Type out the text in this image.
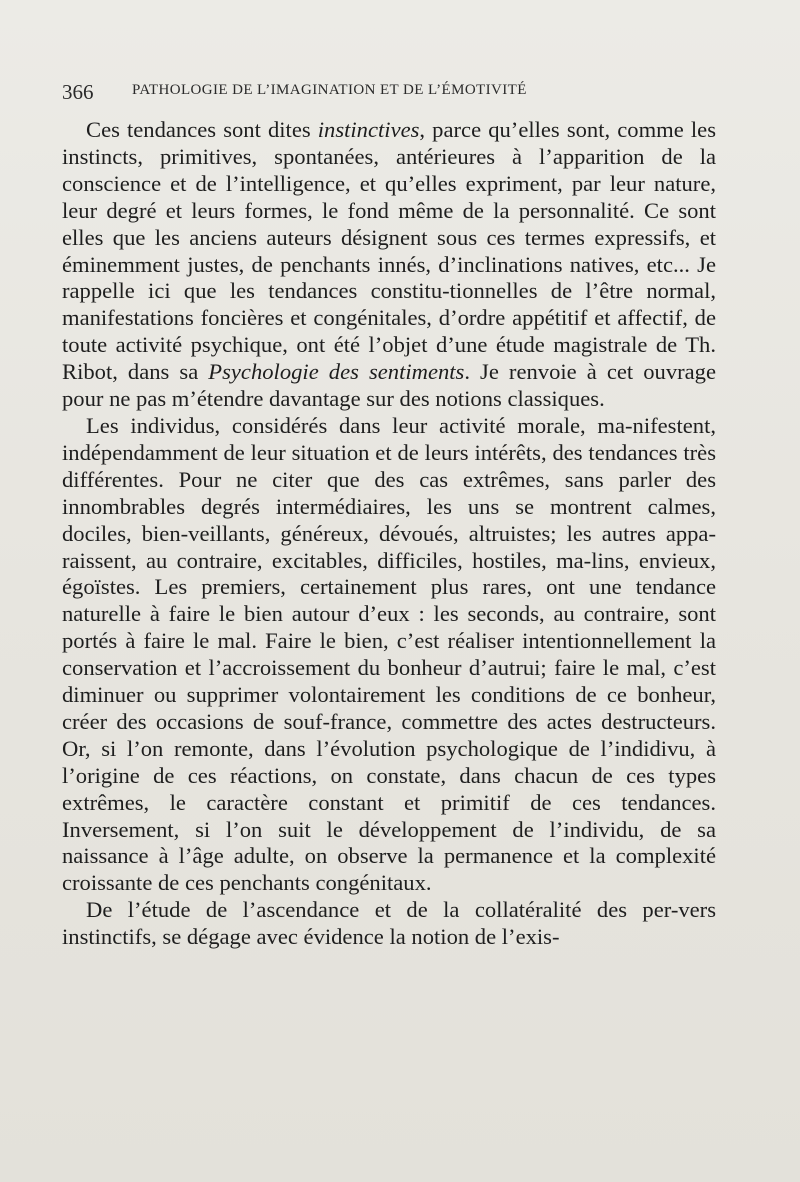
366	PATHOLOGIE DE L’IMAGINATION ET DE L’ÉMOTIVITÉ

Ces tendances sont dites instinctives, parce qu’elles sont, comme les instincts, primitives, spontanées, antérieures à l’apparition de la conscience et de l’intelligence, et qu’elles expriment, par leur nature, leur degré et leurs formes, le fond même de la personnalité. Ce sont elles que les anciens auteurs désignent sous ces termes expressifs, et éminemment justes, de penchants innés, d’inclinations natives, etc... Je rappelle ici que les tendances constitu-tionnelles de l’être normal, manifestations foncières et congénitales, d’ordre appétitif et affectif, de toute activité psychique, ont été l’objet d’une étude magistrale de Th. Ribot, dans sa Psychologie des sentiments. Je renvoie à cet ouvrage pour ne pas m’étendre davantage sur des notions classiques.

Les individus, considérés dans leur activité morale, ma-nifestent, indépendamment de leur situation et de leurs intérêts, des tendances très différentes. Pour ne citer que des cas extrêmes, sans parler des innombrables degrés intermédiaires, les uns se montrent calmes, dociles, bien-veillants, généreux, dévoués, altruistes; les autres appa-raissent, au contraire, excitables, difficiles, hostiles, ma-lins, envieux, égoïstes. Les premiers, certainement plus rares, ont une tendance naturelle à faire le bien autour d’eux : les seconds, au contraire, sont portés à faire le mal. Faire le bien, c’est réaliser intentionnellement la conservation et l’accroissement du bonheur d’autrui; faire le mal, c’est diminuer ou supprimer volontairement les conditions de ce bonheur, créer des occasions de souf-france, commettre des actes destructeurs. Or, si l’on remonte, dans l’évolution psychologique de l’indidivu, à l’origine de ces réactions, on constate, dans chacun de ces types extrêmes, le caractère constant et primitif de ces tendances. Inversement, si l’on suit le développement de l’individu, de sa naissance à l’âge adulte, on observe la permanence et la complexité croissante de ces penchants congénitaux.

De l’étude de l’ascendance et de la collatéralité des per-vers instinctifs, se dégage avec évidence la notion de l’exis-
